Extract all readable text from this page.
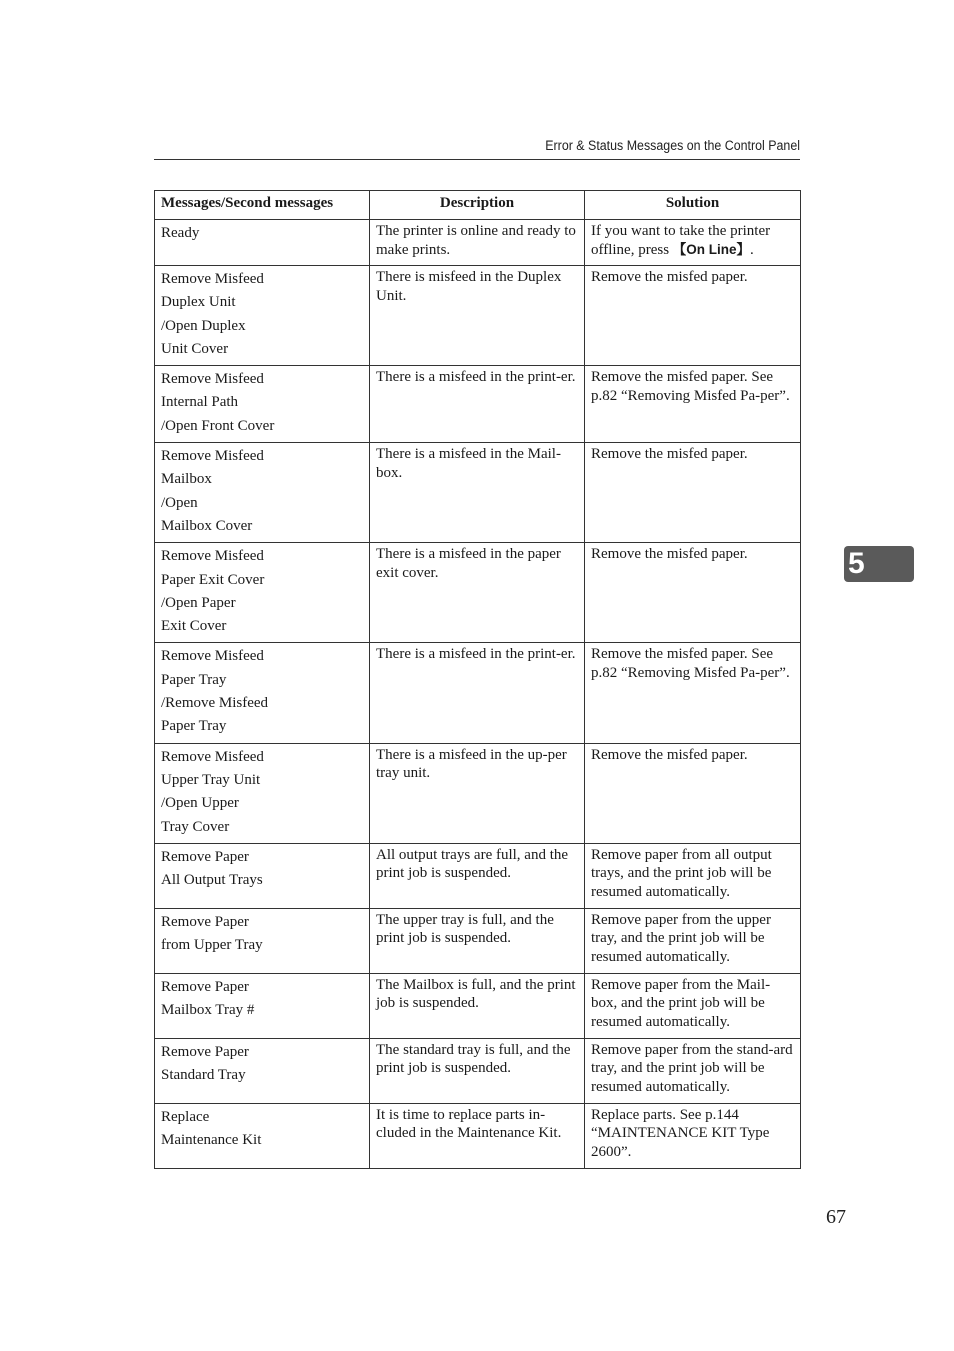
Error & Status Messages on the Control Panel
Messages/Second messages	Description	Solution

Ready	The printer is online and ready to make prints.	If you want to take the printer offline, press 【On Line】.

Remove Misfeed
Duplex Unit
/Open Duplex
Unit Cover	There is misfeed in the Duplex Unit.	Remove the misfed paper.

Remove Misfeed
Internal Path
/Open Front Cover	There is a misfeed in the print-er.	Remove the misfed paper. See p.82 “Removing Misfed Pa-per”.

Remove Misfeed
Mailbox
/Open
Mailbox Cover	There is a misfeed in the Mail-box.	Remove the misfed paper.

Remove Misfeed
Paper Exit Cover
/Open Paper
Exit Cover	There is a misfeed in the paper exit cover.	Remove the misfed paper.

Remove Misfeed
Paper Tray
/Remove Misfeed
Paper Tray	There is a misfeed in the print-er.	Remove the misfed paper. See p.82 “Removing Misfed Pa-per”.

Remove Misfeed
Upper Tray Unit
/Open Upper
Tray Cover	There is a misfeed in the up-per tray unit.	Remove the misfed paper.

Remove Paper
All Output Trays	All output trays are full, and the print job is suspended.	Remove paper from all output trays, and the print job will be resumed automatically.

Remove Paper
from Upper Tray	The upper tray is full, and the print job is suspended.	Remove paper from the upper tray, and the print job will be resumed automatically.

Remove Paper
Mailbox Tray #	The Mailbox is full, and the print job is suspended.	Remove paper from the Mail-box, and the print job will be resumed automatically.

Remove Paper
Standard Tray	The standard tray is full, and the print job is suspended.	Remove paper from the stand-ard tray, and the print job will be resumed automatically.

Replace
Maintenance Kit	It is time to replace parts in-cluded in the Maintenance Kit.	Replace parts. See p.144 “MAINTENANCE KIT Type 2600”.
5
67
